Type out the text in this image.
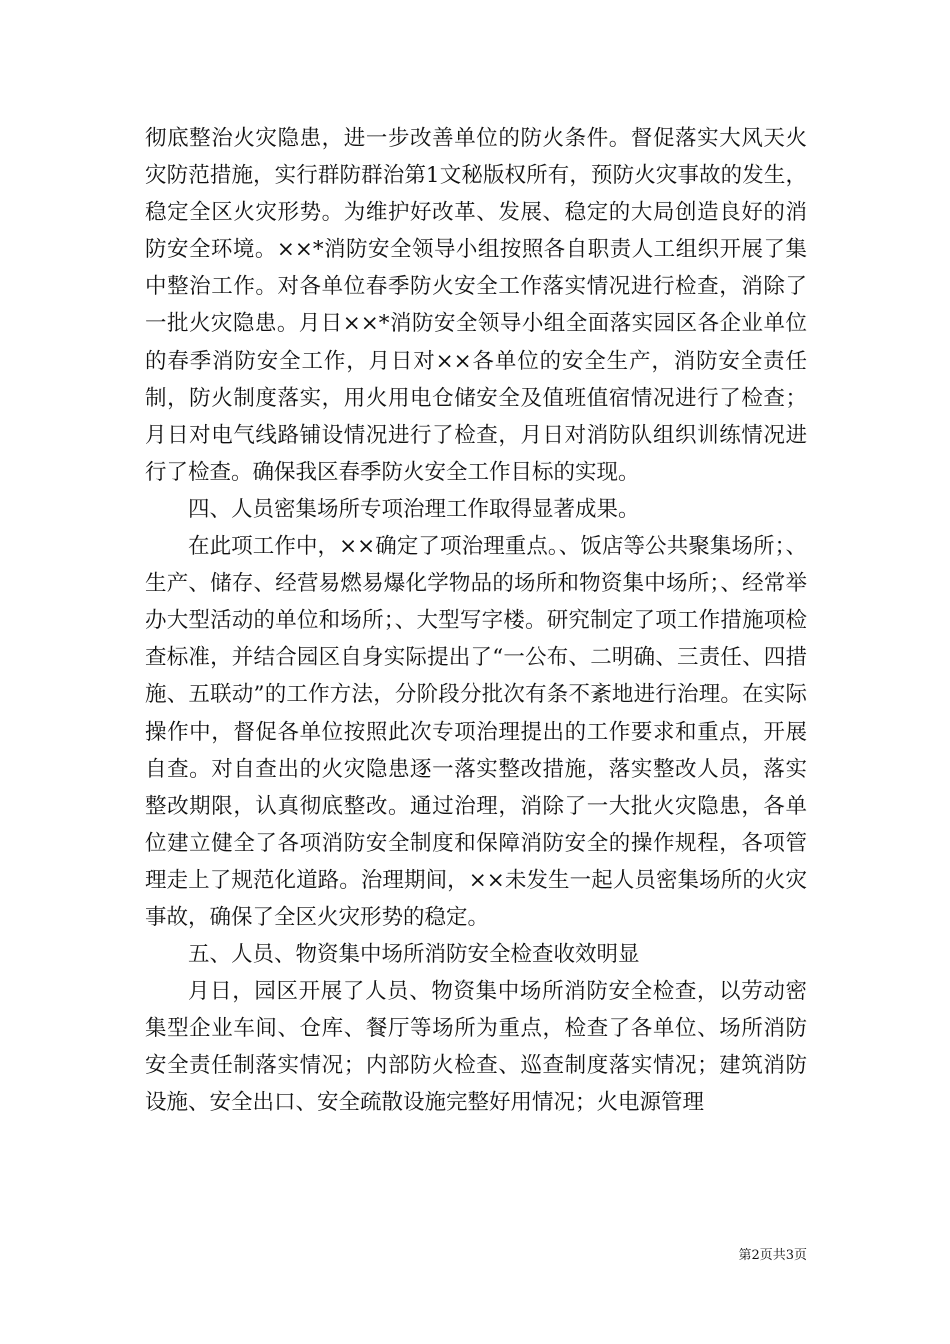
彻底整治火灾隐患，进一步改善单位的防火条件。督促落实大风天火灾防范措施，实行群防群治第1文秘版权所有，预防火灾事故的发生，稳定全区火灾形势。为维护好改革、发展、稳定的大局创造良好的消防安全环境。××*消防安全领导小组按照各自职责人工组织开展了集中整治工作。对各单位春季防火安全工作落实情况进行检查，消除了一批火灾隐患。月日××*消防安全领导小组全面落实园区各企业单位的春季消防安全工作，月日对××各单位的安全生产，消防安全责任制，防火制度落实，用火用电仓储安全及值班值宿情况进行了检查；月日对电气线路铺设情况进行了检查，月日对消防队组织训练情况进行了检查。确保我区春季防火安全工作目标的实现。

四、人员密集场所专项治理工作取得显著成果。

在此项工作中，××确定了项治理重点。、饭店等公共聚集场所；、生产、储存、经营易燃易爆化学物品的场所和物资集中场所；、经常举办大型活动的单位和场所；、大型写字楼。研究制定了项工作措施项检查标准，并结合园区自身实际提出了“一公布、二明确、三责任、四措施、五联动”的工作方法，分阶段分批次有条不紊地进行治理。在实际操作中，督促各单位按照此次专项治理提出的工作要求和重点，开展自查。对自查出的火灾隐患逐一落实整改措施，落实整改人员，落实整改期限，认真彻底整改。通过治理，消除了一大批火灾隐患，各单位建立健全了各项消防安全制度和保障消防安全的操作规程，各项管理走上了规范化道路。治理期间，××未发生一起人员密集场所的火灾事故，确保了全区火灾形势的稳定。

五、人员、物资集中场所消防安全检查收效明显

月日，园区开展了人员、物资集中场所消防安全检查，以劳动密集型企业车间、仓库、餐厅等场所为重点，检查了各单位、场所消防安全责任制落实情况；内部防火检查、巡查制度落实情况；建筑消防设施、安全出口、安全疏散设施完整好用情况；火电源管理

第2页共3页
